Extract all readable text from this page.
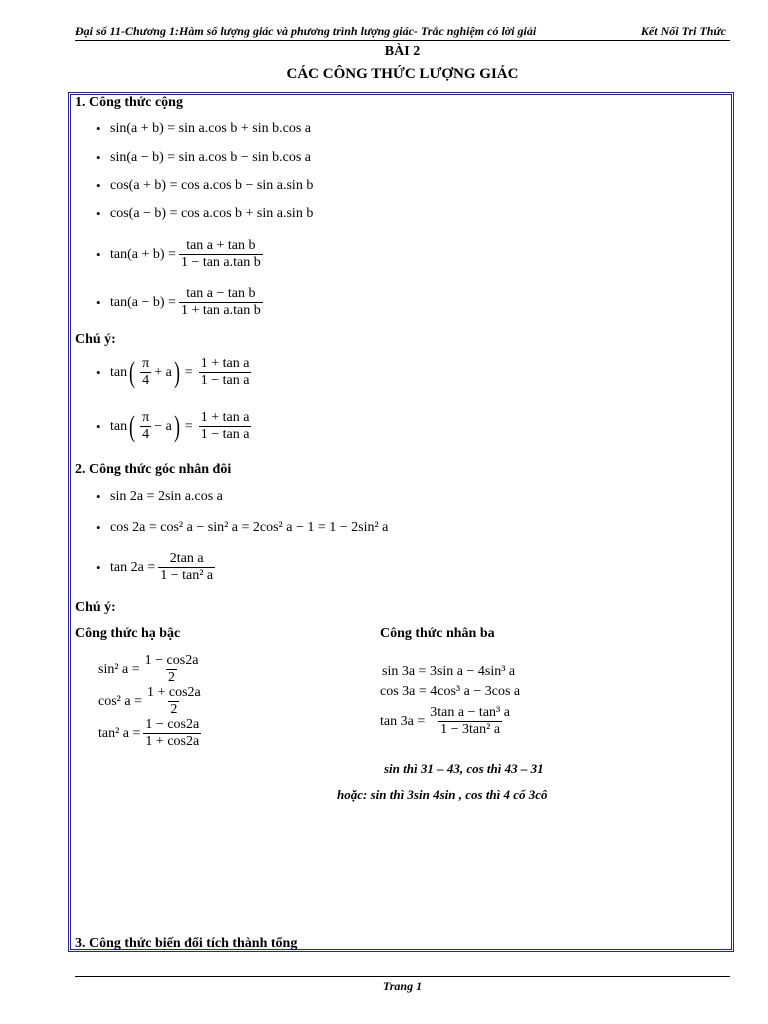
Đại số 11-Chương 1:Hàm số lượng giác và phương trình lượng giác- Trắc nghiệm có lời giải	Kết Nối Tri Thức
BÀI 2
CÁC CÔNG THỨC LƯỢNG GIÁC
1. Công thức cộng
• sin(a + b) = sin a.cos b + sin b.cos a
• sin(a − b) = sin a.cos b − sin b.cos a
• cos(a + b) = cos a.cos b − sin a.sin b
• cos(a − b) = cos a.cos b + sin a.sin b
• $\tan(a + b) = \frac{\text{tan a + tan b}}{\text{1 − tan a.tan b}}$
• $\tan(a - b) = \frac{\text{tan a − tan b}}{\text{1 + tan a.tan b}}$
Chú ý:
• tan ( $\frac{\pi}{4} + a$ ) = $\frac{\text{1 + tan a}}{\text{1 − tan a}}$
• tan ( $\frac{\pi}{4} - a$ ) = $\frac{\text{1 + tan a}}{\text{1 − tan a}}$
2. Công thức góc nhân đôi
• sin 2a = 2sin a.cos a
• cos 2a = cos² a − sin² a = 2cos² a − 1 = 1 − 2sin² a
• $\tan 2a = \frac{\text{2tan a}}{\text{1 − tan² a}}$
Chú ý:
Công thức hạ bậc	Công thức nhân ba
sin² $a = \frac{1 - \cos 2a}{2}$
cos² $a = \frac{1 + \cos 2a}{2}$
tan² $a = \frac{1 - \cos 2a}{1 + \cos 2a}$
sin 3a = 3sin a − 4sin³ a
cos 3a = 4cos³ a − 3cos a
$\tan 3a = \frac{\text{3tan a − tan³ a}}{\text{1 − 3tan² a}}$
sin thì 31 – 43, cos thì 43 – 31
hoặc: sin thì 3sin 4sin , cos thì 4 cổ 3cô
3. Công thức biến đổi tích thành tổng
Trang 1
